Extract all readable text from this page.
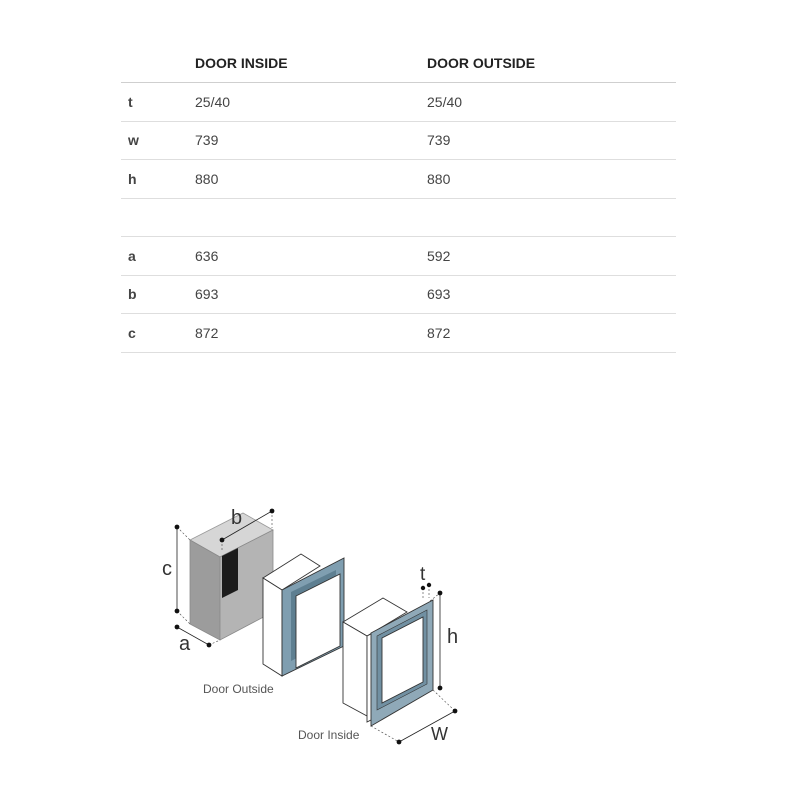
	DOOR INSIDE	DOOR OUTSIDE
t	25/40	25/40
w	739	739
h	880	880

a	636	592
b	693	693
c	872	872
b
c
a
t
h
W
Door Outside
Door Inside
